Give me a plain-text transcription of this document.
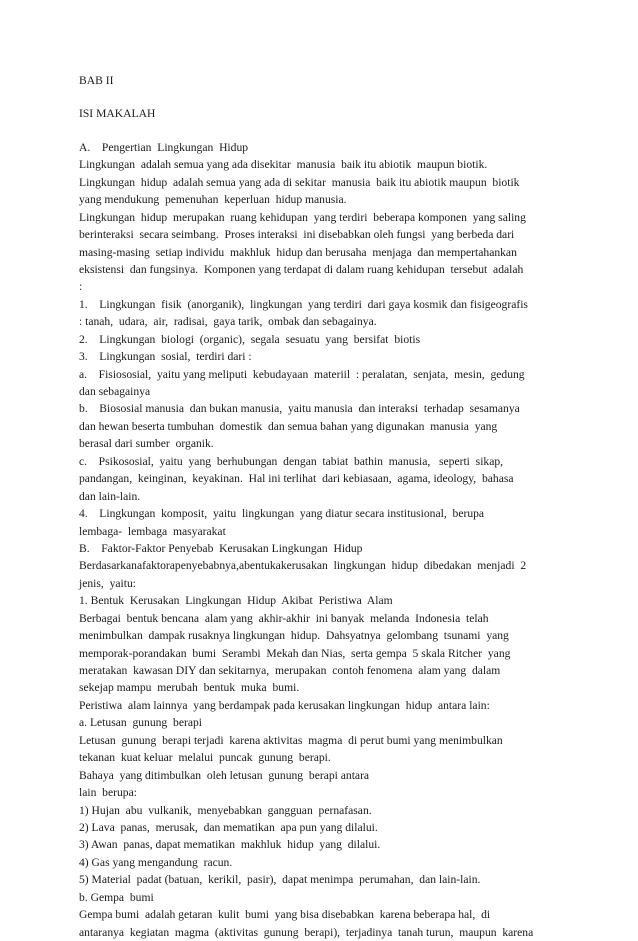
BAB II
ISI MAKALAH
A.    Pengertian  Lingkungan  Hidup
Lingkungan  adalah semua yang ada disekitar  manusia  baik itu abiotik  maupun biotik.
Lingkungan  hidup  adalah semua yang ada di sekitar  manusia  baik itu abiotik maupun  biotik
yang mendukung  pemenuhan  keperluan  hidup manusia.
Lingkungan  hidup  merupakan  ruang kehidupan  yang terdiri  beberapa komponen  yang saling
berinteraksi  secara seimbang.  Proses interaksi  ini disebabkan oleh fungsi  yang berbeda dari
masing-masing  setiap individu  makhluk  hidup dan berusaha  menjaga  dan mempertahankan
eksistensi  dan fungsinya.  Komponen yang terdapat di dalam ruang kehidupan  tersebut  adalah
:
1.    Lingkungan  fisik  (anorganik),  lingkungan  yang terdiri  dari gaya kosmik dan fisigeografis
: tanah,  udara,  air,  radisai,  gaya tarik,  ombak dan sebagainya.
2.    Lingkungan  biologi  (organic),  segala  sesuatu  yang  bersifat  biotis
3.    Lingkungan  sosial,  terdiri dari :
a.    Fisiososial,  yaitu yang meliputi  kebudayaan  materiil  : peralatan,  senjata,  mesin,  gedung
dan sebagainya
b.    Biososial manusia  dan bukan manusia,  yaitu manusia  dan interaksi  terhadap  sesamanya
dan hewan beserta tumbuhan  domestik  dan semua bahan yang digunakan  manusia  yang
berasal dari sumber  organik.
c.    Psikososial,  yaitu  yang  berhubungan  dengan  tabiat  bathin  manusia,   seperti  sikap,
pandangan,  keinginan,  keyakinan.  Hal ini terlihat  dari kebiasaan,  agama, ideology,  bahasa
dan lain-lain.
4.    Lingkungan  komposit,  yaitu  lingkungan  yang diatur secara institusional,  berupa
lembaga-  lembaga  masyarakat
B.    Faktor-Faktor Penyebab  Kerusakan Lingkungan  Hidup
Berdasarkanafaktorapenyebabnya,abentukakerusakan  lingkungan  hidup  dibedakan  menjadi  2
jenis,  yaitu:
1. Bentuk  Kerusakan  Lingkungan  Hidup  Akibat  Peristiwa  Alam
Berbagai  bentuk bencana  alam yang  akhir-akhir  ini banyak  melanda  Indonesia  telah
menimbulkan  dampak rusaknya lingkungan  hidup.  Dahsyatnya  gelombang  tsunami  yang
memporak-porandakan  bumi  Serambi  Mekah dan Nias,  serta gempa  5 skala Ritcher  yang
meratakan  kawasan DIY dan sekitarnya,  merupakan  contoh fenomena  alam yang  dalam
sekejap mampu  merubah  bentuk  muka  bumi.
Peristiwa  alam lainnya  yang berdampak pada kerusakan lingkungan  hidup  antara lain:
a. Letusan  gunung  berapi
Letusan  gunung  berapi terjadi  karena aktivitas  magma  di perut bumi yang menimbulkan
tekanan  kuat keluar  melalui  puncak  gunung  berapi.
Bahaya  yang ditimbulkan  oleh letusan  gunung  berapi antara
lain  berupa:
1) Hujan  abu  vulkanik,  menyebabkan  gangguan  pernafasan.
2) Lava  panas,  merusak,  dan mematikan  apa pun yang dilalui.
3) Awan  panas, dapat mematikan  makhluk  hidup  yang  dilalui.
4) Gas yang mengandung  racun.
5) Material  padat (batuan,  kerikil,  pasir),  dapat menimpa  perumahan,  dan lain-lain.
b. Gempa  bumi
Gempa bumi  adalah getaran  kulit  bumi  yang bisa disebabkan  karena beberapa hal,  di
antaranya  kegiatan  magma  (aktivitas  gunung  berapi),  terjadinya  tanah turun,  maupun  karena
